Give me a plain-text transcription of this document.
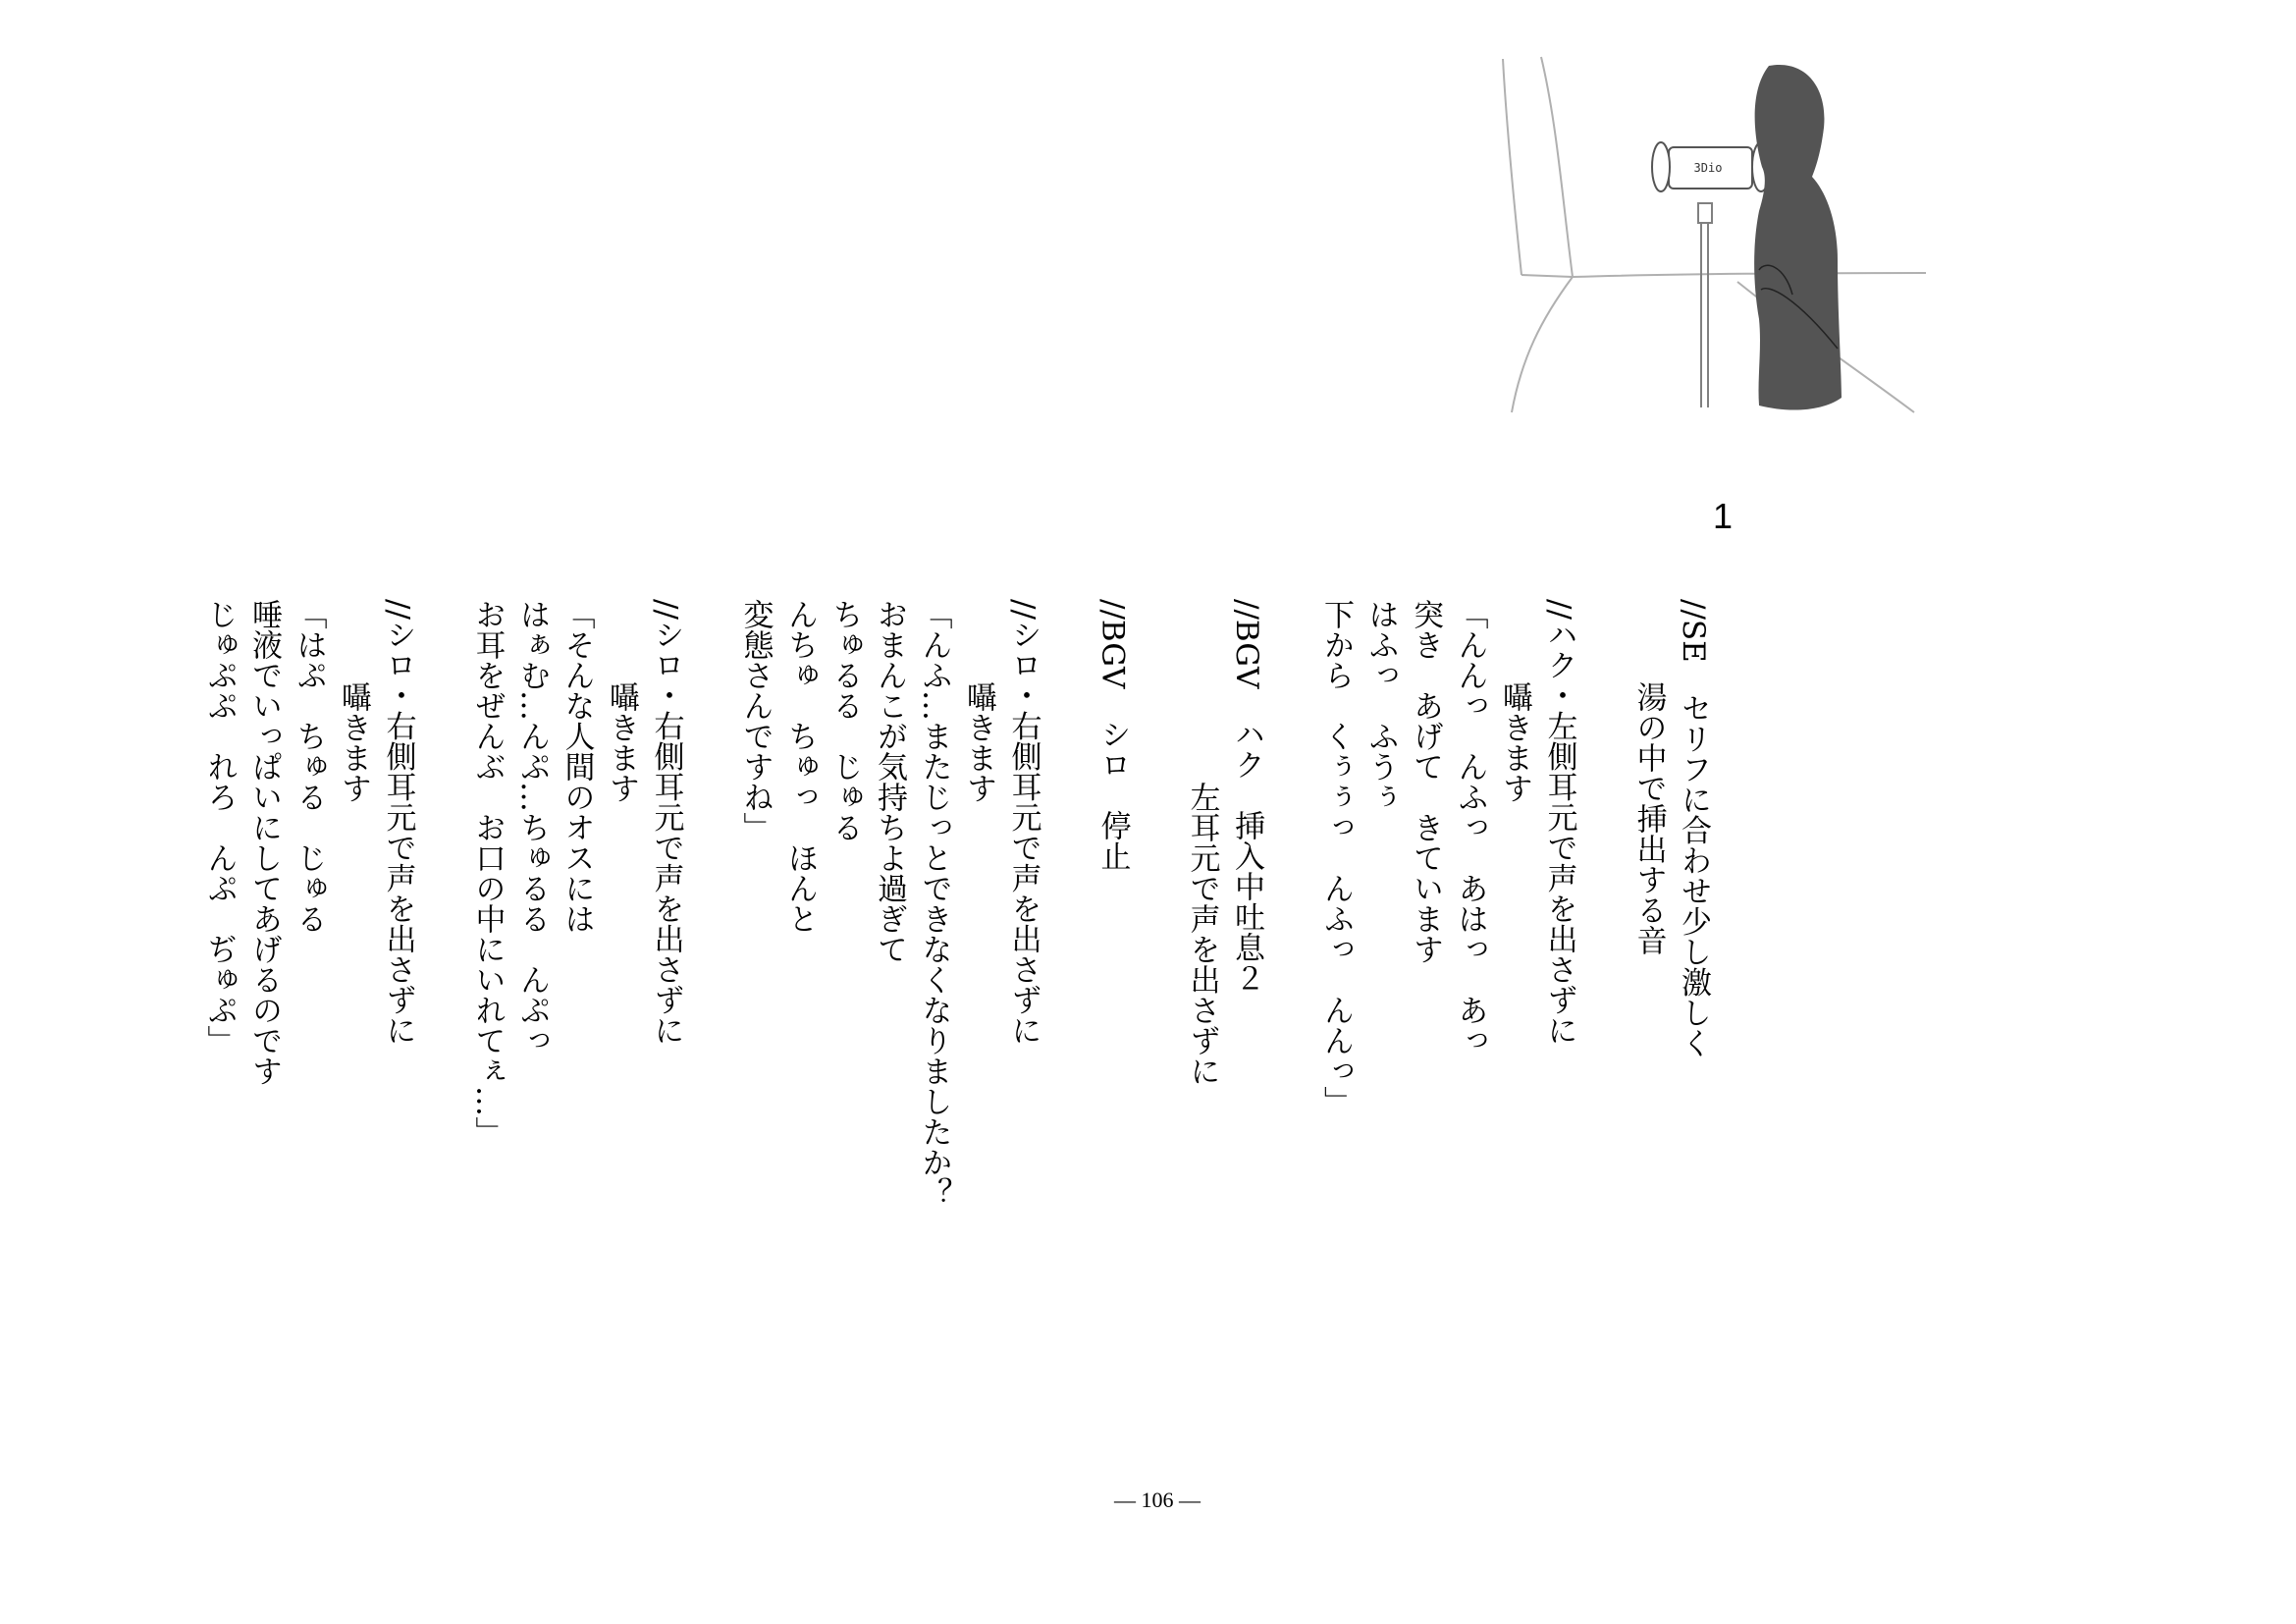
3Dio
1
//SE　セリフに合わせ少し激しく
湯の中で挿出する音

//ハク・左側耳元で声を出さずに
囁きます
「んんっ　んふっ　あはっ　あっ
突き　あげて　きています
はふっ　ふうぅ
下から　くぅぅっ　んふっ　んんっ」

//BGV　ハク　挿入中吐息２
左耳元で声を出さずに

//BGV　シロ　停止

//シロ・右側耳元で声を出さずに
囁きます
「んふ…またじっとできなくなりましたか？
おまんこが気持ちよ過ぎて
ちゅるる　じゅる
んちゅ　ちゅっ　ほんと
変態さんですね」

//シロ・右側耳元で声を出さずに
囁きます
「そんな人間のオスには
はぁむ…んぷ…ちゅるる　んぷっ
お耳をぜんぶ　お口の中にいれてぇ…」

//シロ・右側耳元で声を出さずに
囁きます
「はぷ　ちゅる　じゅる
唾液でいっぱいにしてあげるのです
じゅぷぷ　れろ　んぷ　ぢゅぷ」
― 106 ―
